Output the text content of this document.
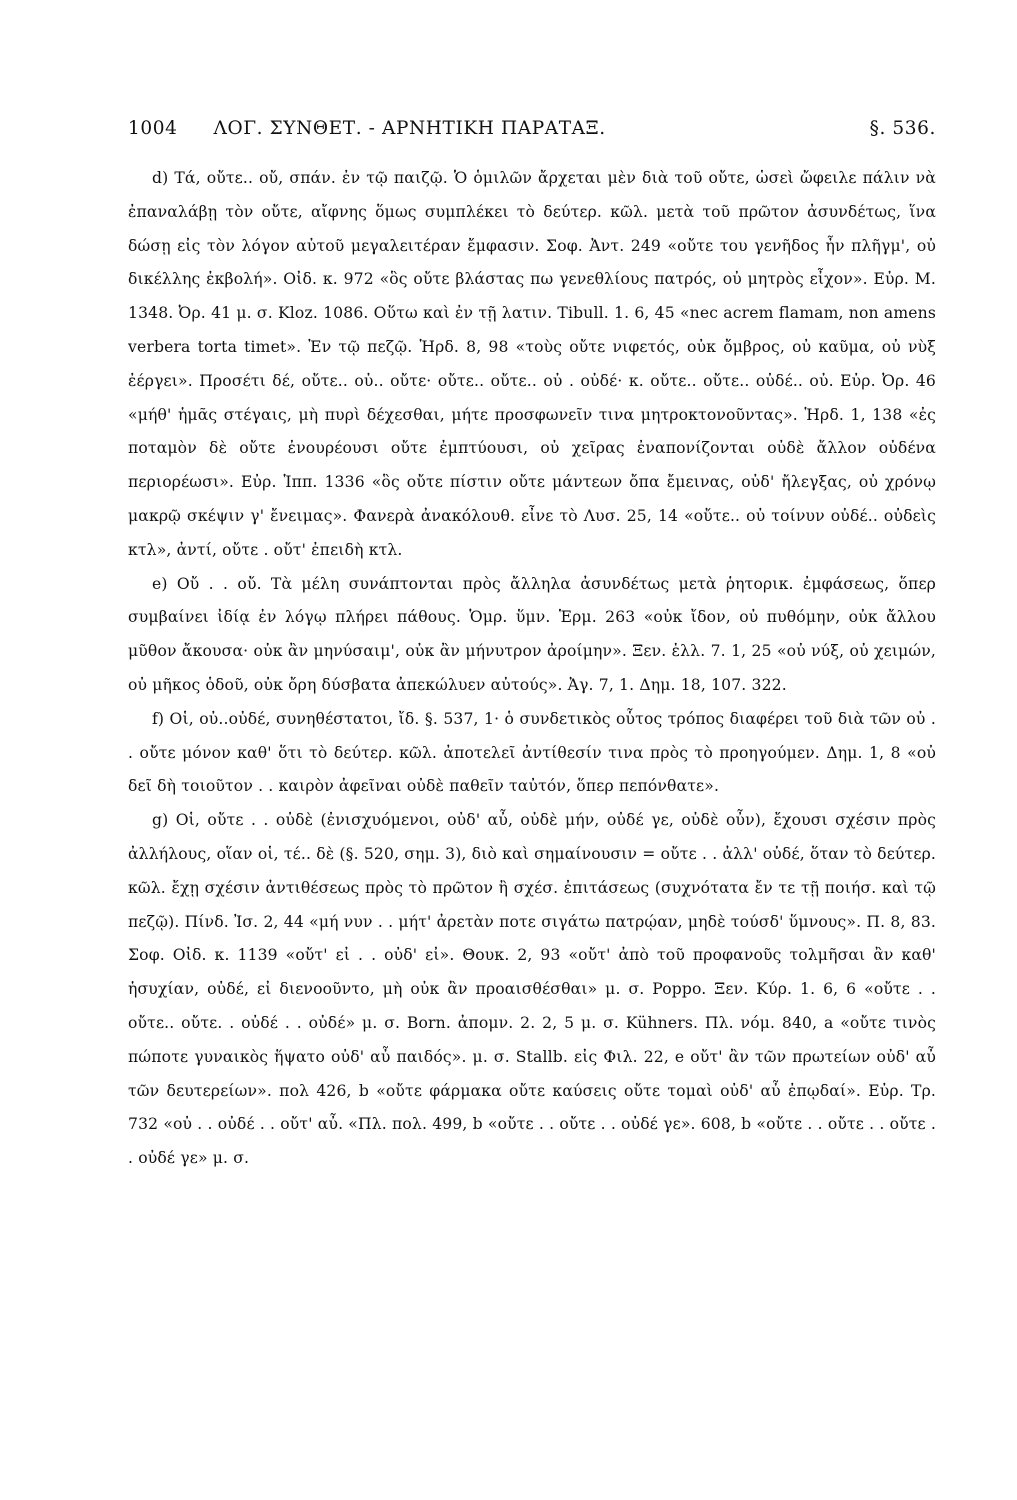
1004 ΛΟΓ. ΣΥΝΘΕΤ. - ΑΡΝΗΤΙΚΗ ΠΑΡΑΤΑΞ.	§. 536.

d) Τά, οὔτε.. οὔ, σπάν. ἐν τῷ παιζῷ. Ὁ ὁμιλῶν ἄρχεται μὲν διὰ τοῦ οὔτε, ὡσεὶ ὤφειλε πάλιν νὰ ἐπαναλάβῃ τὸν οὔτε, αἴφνης ὅμως συμπλέκει τὸ δεύτερ. κῶλ. μετὰ τοῦ πρῶτον ἀσυνδέτως, ἵνα δώσῃ εἰς τὸν λόγον αὐτοῦ μεγαλειτέραν ἔμφασιν. Σοφ. Ἀντ. 249 «οὔτε του γενῆδος ἦν πλῆγμ', οὐ δικέλλης ἐκβολή». Οἰδ. κ. 972 «ὃς οὔτε βλάστας πω γενεθλίους πατρός, οὐ μητρὸς εἶχον». Εὐρ. Μ. 1348. Ὀρ. 41 μ. σ. Kloz. 1086. Οὕτω καὶ ἐν τῇ λατιν. Tibull. 1. 6, 45 «nec acrem flamam, non amens verbera torta timet». Ἐν τῷ πεζῷ. Ἡρδ. 8, 98 «τοὺς οὔτε νιφετός, οὐκ ὄμβρος, οὐ καῦμα, οὐ νὺξ ἐέργει». Προσέτι δέ, οὔτε.. οὐ.. οὔτε· οὔτε.. οὔτε.. οὐ . οὐδέ· κ. οὔτε.. οὔτε.. οὐδέ.. οὐ. Εὐρ. Ὀρ. 46 «μήθ' ἡμᾶς στέγαις, μὴ πυρὶ δέχεσθαι, μήτε προσφωνεῖν τινα μητροκτονοῦντας». Ἡρδ. 1, 138 «ἐς ποταμὸν δὲ οὔτε ἐνουρέουσι οὔτε ἐμπτύουσι, οὐ χεῖρας ἐναπονίζονται οὐδὲ ἄλλον οὐδένα περιορέωσι». Εὐρ. Ἱππ. 1336 «ὃς οὔτε πίστιν οὔτε μάντεων ὄπα ἔμεινας, οὐδ' ἤλεγξας, οὐ χρόνῳ μακρῷ σκέψιν γ' ἔνειμας». Φανερὰ ἀνακόλουθ. εἶνε τὸ Λυσ. 25, 14 «οὔτε.. οὐ τοίνυν οὐδέ.. οὐδεὶς κτλ», ἀντί, οὔτε . οὔτ' ἐπειδὴ κτλ.

e) Οὔ . . οὔ. Τὰ μέλη συνάπτονται πρὸς ἄλληλα ἀσυνδέτως μετὰ ῥητορικ. ἐμφάσεως, ὅπερ συμβαίνει ἰδίᾳ ἐν λόγῳ πλήρει πάθους. Ὁμρ. ὕμν. Ἑρμ. 263 «οὐκ ἴδον, οὐ πυθόμην, οὐκ ἄλλου μῦθον ἄκουσα· οὐκ ἂν μηνύσαιμ', οὐκ ἂν μήνυτρον ἀροίμην». Ξεν. ἑλλ. 7. 1, 25 «οὐ νύξ, οὐ χειμών, οὐ μῆκος ὁδοῦ, οὐκ ὄρη δύσβατα ἀπεκώλυεν αὐτούς». Ἀγ. 7, 1. Δημ. 18, 107. 322.

f) Οἱ, οὐ..οὐδέ, συνηθέστατοι, ἴδ. §. 537, 1· ὁ συνδετικὸς οὗτος τρόπος διαφέρει τοῦ διὰ τῶν οὐ . . οὔτε μόνον καθ' ὅτι τὸ δεύτερ. κῶλ. ἀποτελεῖ ἀντίθεσίν τινα πρὸς τὸ προηγούμεν. Δημ. 1, 8 «οὐ δεῖ δὴ τοιοῦτον . . καιρὸν ἀφεῖναι οὐδὲ παθεῖν ταὐτόν, ὅπερ πεπόνθατε».

g) Οἱ, οὔτε . . οὐδὲ (ἐνισχυόμενοι, οὐδ' αὖ, οὐδὲ μήν, οὐδέ γε, οὐδὲ οὖν), ἔχουσι σχέσιν πρὸς ἀλλήλους, οἵαν οἱ, τέ.. δὲ (§. 520, σημ. 3), διὸ καὶ σημαίνουσιν = οὔτε . . ἀλλ' οὐδέ, ὅταν τὸ δεύτερ. κῶλ. ἔχῃ σχέσιν ἀντιθέσεως πρὸς τὸ πρῶτον ἢ σχέσ. ἐπιτάσεως (συχνότατα ἔν τε τῇ ποιήσ. καὶ τῷ πεζῷ). Πίνδ. Ἰσ. 2, 44 «μή νυν . . μήτ' ἀρετὰν ποτε σιγάτω πατρῴαν, μηδὲ τούσδ' ὕμνους». Π. 8, 83. Σοφ. Οἰδ. κ. 1139 «οὔτ' εἰ . . οὐδ' εἰ». Θουκ. 2, 93 «οὔτ' ἀπὸ τοῦ προφανοῦς τολμῆσαι ἂν καθ' ἡσυχίαν, οὐδέ, εἰ διενοοῦντο, μὴ οὐκ ἂν προαισθέσθαι» μ. σ. Poppo. Ξεν. Κύρ. 1. 6, 6 «οὔτε . . οὔτε.. οὔτε. . οὐδέ . . οὐδέ» μ. σ. Born. ἀπομν. 2. 2, 5 μ. σ. Kühners. Πλ. νόμ. 840, a «οὔτε τινὸς πώποτε γυναικὸς ἥψατο οὐδ' αὖ παιδός». μ. σ. Stallb. εἰς Φιλ. 22, e οὔτ' ἂν τῶν πρωτείων οὐδ' αὖ τῶν δευτερείων». πολ 426, b «οὔτε φάρμακα οὔτε καύσεις οὔτε τομαὶ οὐδ' αὖ ἐπῳδαί». Εὐρ. Τρ. 732 «οὐ . . οὐδέ . . οὔτ' αὖ. «Πλ. πολ. 499, b «οὔτε . . οὔτε . . οὐδέ γε». 608, b «οὔτε . . οὔτε . . οὔτε . . οὐδέ γε» μ. σ.
